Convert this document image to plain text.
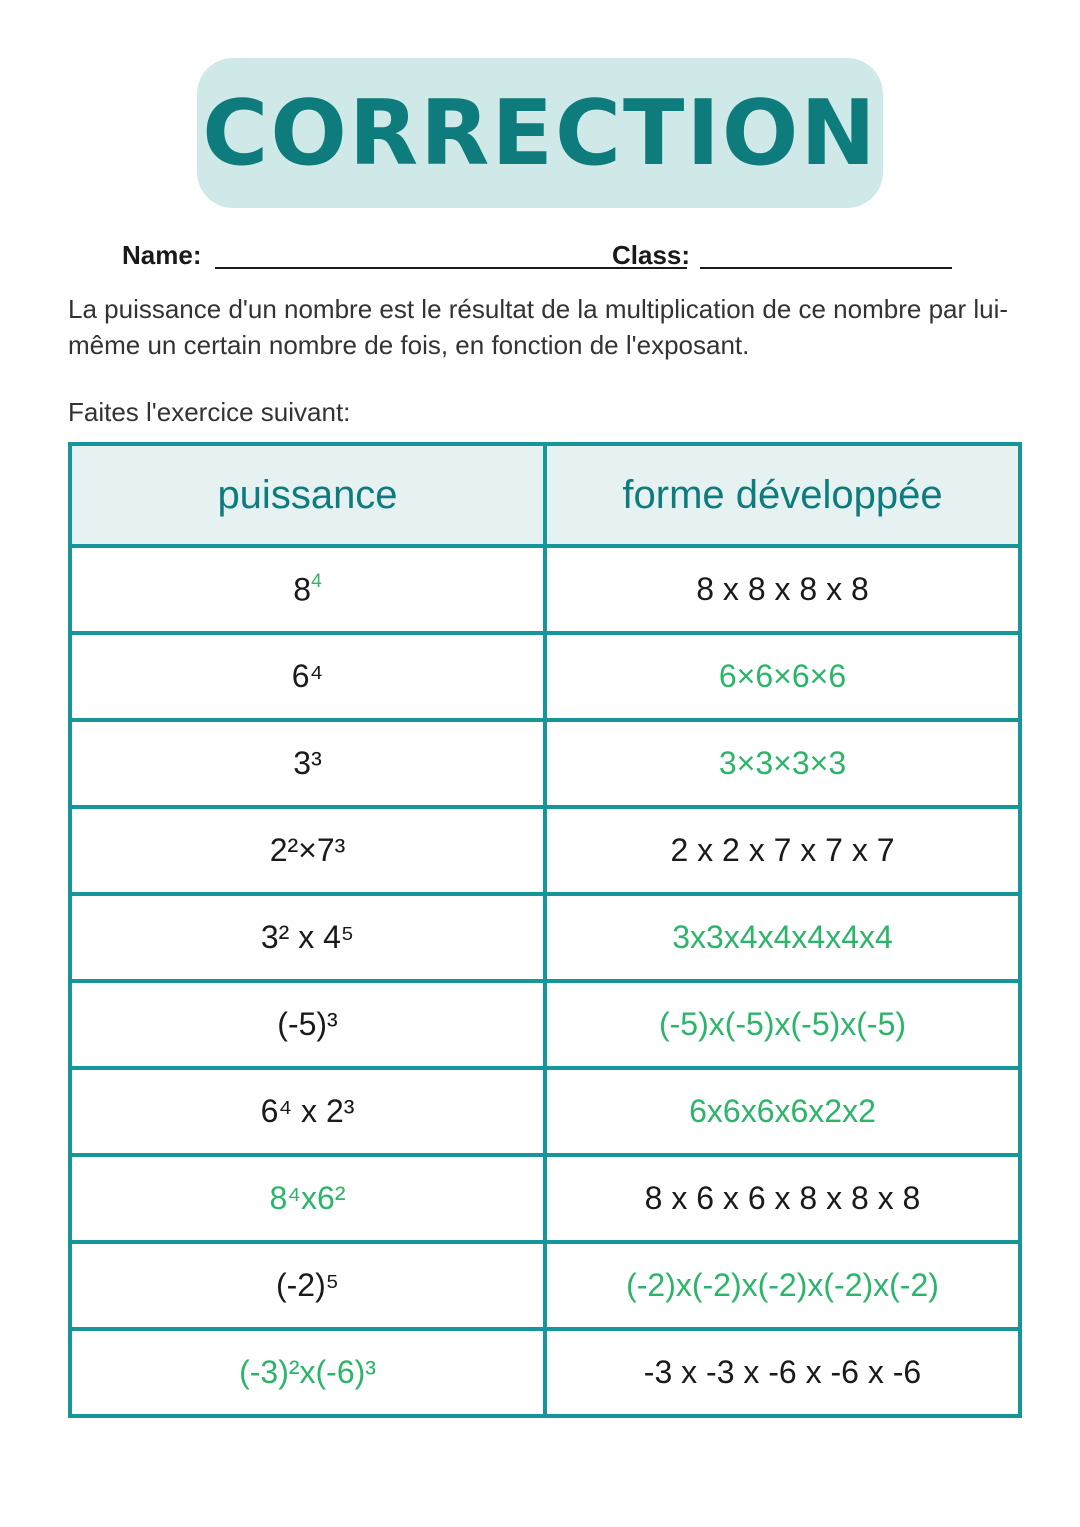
CORRECTION
Name:	Class:
La puissance d'un nombre est le résultat de la multiplication de ce nombre par lui-même un certain nombre de fois, en fonction de l'exposant.
Faites l'exercice suivant:
puissance	forme développée
$8^4$	8 x 8 x 8 x 8
6⁴	6×6×6×6
3³	3×3×3×3
2²×7³	2 x 2 x 7 x 7 x 7
3² x 4⁵	3x3x4x4x4x4x4
(-5)³	(-5)x(-5)x(-5)x(-5)
6⁴ x 2³	6x6x6x6x2x2
8⁴x6²	8 x 6 x 6 x 8 x 8 x 8
(-2)⁵	(-2)x(-2)x(-2)x(-2)x(-2)
(-3)²x(-6)³	-3 x -3 x -6 x -6 x -6
